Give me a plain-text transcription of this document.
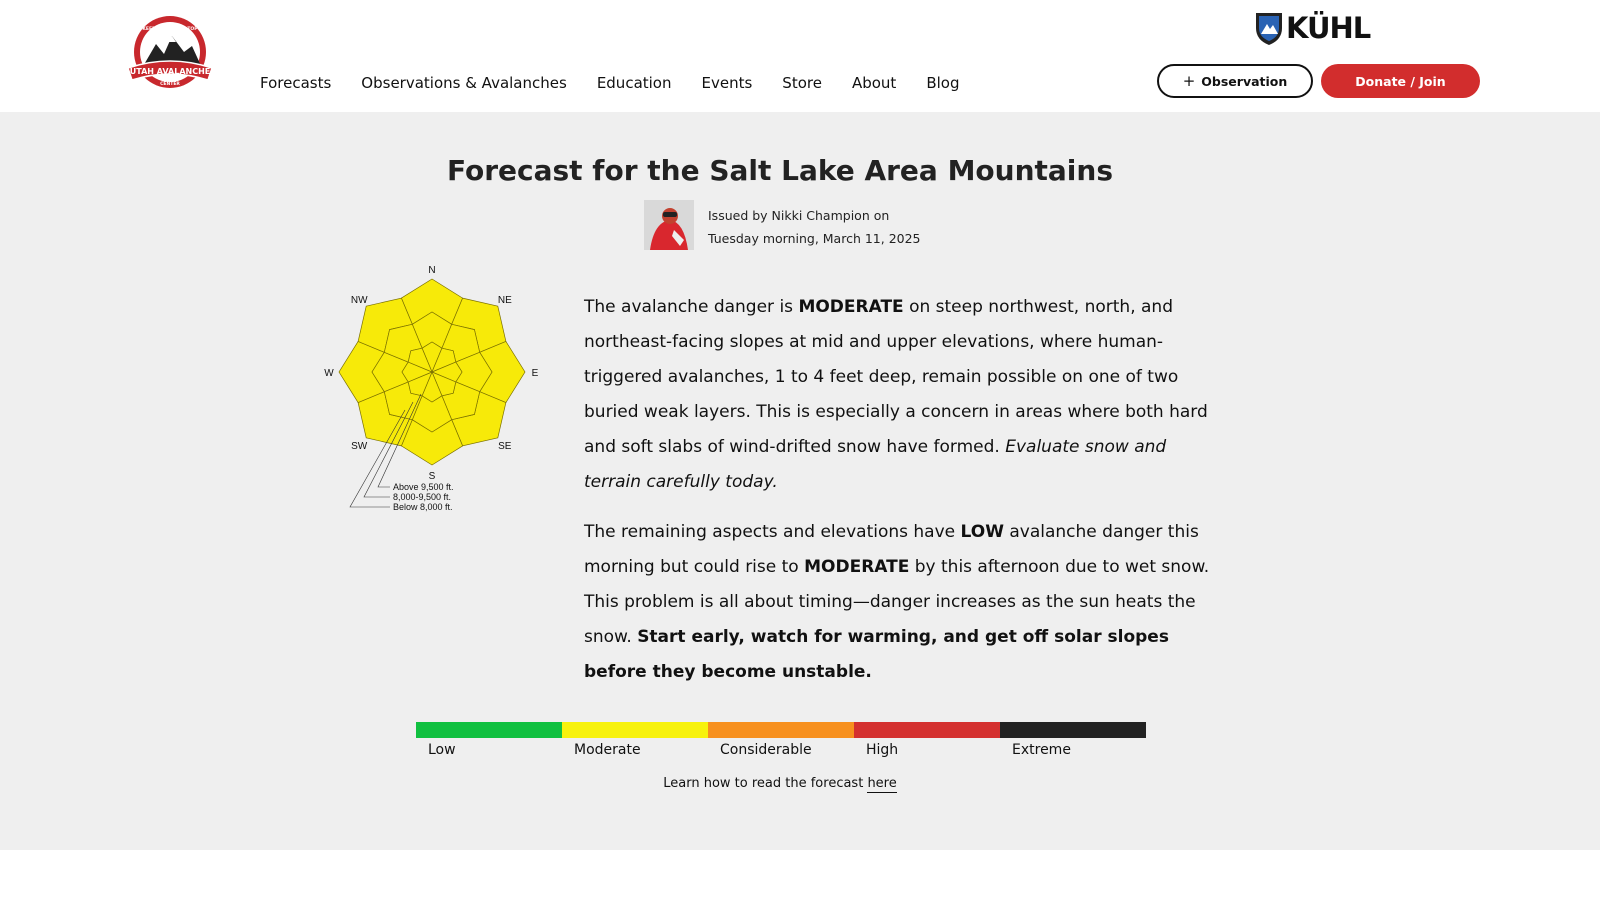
UTAH AVALANCHE
KEEPING YOU ON TOP
CENTER	Forecasts Observations & Avalanches Education Events Store About Blog
KÜHL
+ Observation	Donate / Join
Forecast for the Salt Lake Area Mountains
Issued by Nikki Champion on
Tuesday morning, March 11, 2025
N
NE
E
SE
S
SW
W
NW
Above 9,500 ft.
8,000-9,500 ft.
Below 8,000 ft.

The avalanche danger is MODERATE on steep northwest, north, and northeast-facing slopes at mid and upper elevations, where human-triggered avalanches, 1 to 4 feet deep, remain possible on one of two buried weak layers. This is especially a concern in areas where both hard and soft slabs of wind-drifted snow have formed. Evaluate snow and terrain carefully today.

The remaining aspects and elevations have LOW avalanche danger this morning but could rise to MODERATE by this afternoon due to wet snow. This problem is all about timing—danger increases as the sun heats the snow. Start early, watch for warming, and get off solar slopes before they become unstable.

Low	Moderate	Considerable	High	Extreme
Learn how to read the forecast here
